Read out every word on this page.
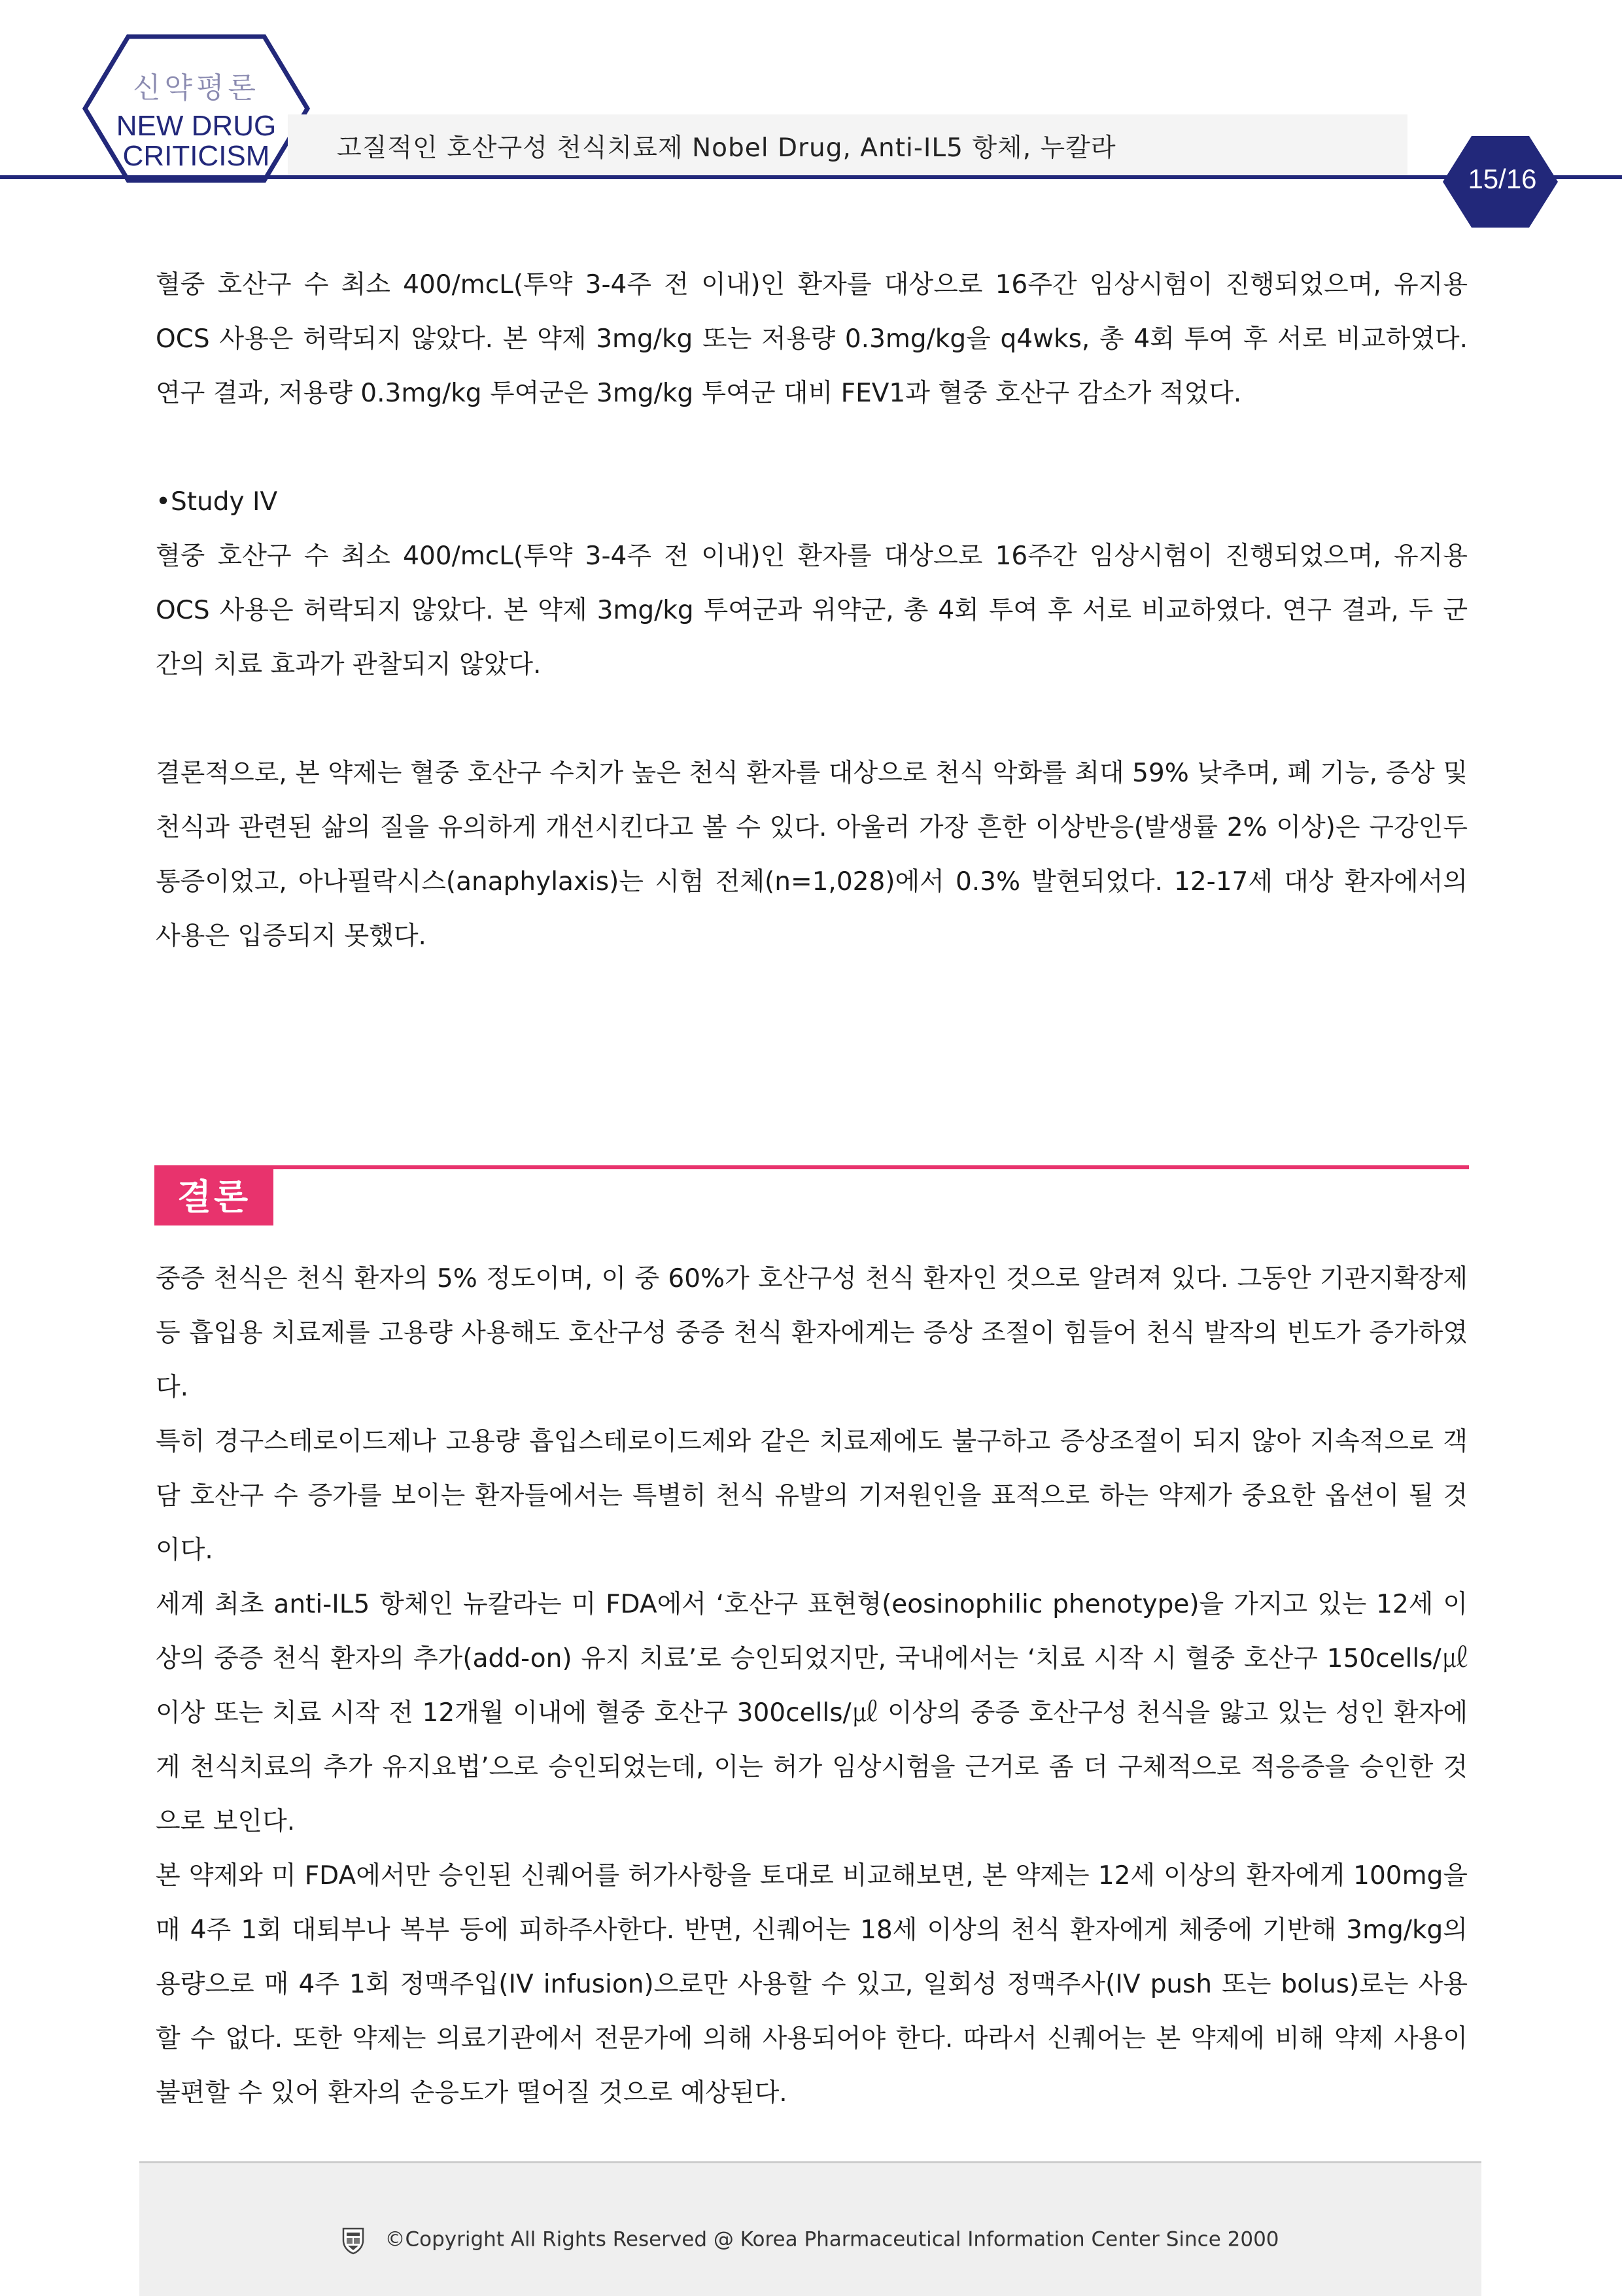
신약평론
NEW DRUG
CRITICISM	고질적인 호산구성 천식치료제 Nobel Drug, Anti-IL5 항체, 누칼라
15/16

혈중 호산구 수 최소 400/mcL(투약 3-4주 전 이내)인 환자를 대상으로 16주간 임상시험이 진행되었으며, 유지용 OCS 사용은 허락되지 않았다. 본 약제 3mg/kg 또는 저용량 0.3mg/kg을 q4wks, 총 4회 투여 후 서로 비교하였다. 연구 결과, 저용량 0.3mg/kg 투여군은 3mg/kg 투여군 대비 FEV1과 혈중 호산구 감소가 적었다.

•Study IV

혈중 호산구 수 최소 400/mcL(투약 3-4주 전 이내)인 환자를 대상으로 16주간 임상시험이 진행되었으며, 유지용 OCS 사용은 허락되지 않았다. 본 약제 3mg/kg 투여군과 위약군, 총 4회 투여 후 서로 비교하였다. 연구 결과, 두 군 간의 치료 효과가 관찰되지 않았다.

결론적으로, 본 약제는 혈중 호산구 수치가 높은 천식 환자를 대상으로 천식 악화를 최대 59% 낮추며, 폐 기능, 증상 및 천식과 관련된 삶의 질을 유의하게 개선시킨다고 볼 수 있다. 아울러 가장 흔한 이상반응(발생률 2% 이상)은 구강인두 통증이었고, 아나필락시스(anaphylaxis)는 시험 전체(n=1,028)에서 0.3% 발현되었다. 12-17세 대상 환자에서의 사용은 입증되지 못했다.

결론

중증 천식은 천식 환자의 5% 정도이며, 이 중 60%가 호산구성 천식 환자인 것으로 알려져 있다. 그동안 기관지확장제 등 흡입용 치료제를 고용량 사용해도 호산구성 중증 천식 환자에게는 증상 조절이 힘들어 천식 발작의 빈도가 증가하였다.

특히 경구스테로이드제나 고용량 흡입스테로이드제와 같은 치료제에도 불구하고 증상조절이 되지 않아 지속적으로 객담 호산구 수 증가를 보이는 환자들에서는 특별히 천식 유발의 기저원인을 표적으로 하는 약제가 중요한 옵션이 될 것이다.

세계 최초 anti-IL5 항체인 뉴칼라는 미 FDA에서 ‘호산구 표현형(eosinophilic phenotype)을 가지고 있는 12세 이상의 중증 천식 환자의 추가(add-on) 유지 치료’로 승인되었지만, 국내에서는 ‘치료 시작 시 혈중 호산구 150cells/㎕ 이상 또는 치료 시작 전 12개월 이내에 혈중 호산구 300cells/㎕ 이상의 중증 호산구성 천식을 앓고 있는 성인 환자에게 천식치료의 추가 유지요법’으로 승인되었는데, 이는 허가 임상시험을 근거로 좀 더 구체적으로 적응증을 승인한 것으로 보인다.

본 약제와 미 FDA에서만 승인된 신퀘어를 허가사항을 토대로 비교해보면, 본 약제는 12세 이상의 환자에게 100mg을 매 4주 1회 대퇴부나 복부 등에 피하주사한다. 반면, 신퀘어는 18세 이상의 천식 환자에게 체중에 기반해 3mg/kg의 용량으로 매 4주 1회 정맥주입(IV infusion)으로만 사용할 수 있고, 일회성 정맥주사(IV push 또는 bolus)로는 사용할 수 없다. 또한 약제는 의료기관에서 전문가에 의해 사용되어야 한다. 따라서 신퀘어는 본 약제에 비해 약제 사용이 불편할 수 있어 환자의 순응도가 떨어질 것으로 예상된다.

©Copyright All Rights Reserved @ Korea Pharmaceutical Information Center Since 2000
